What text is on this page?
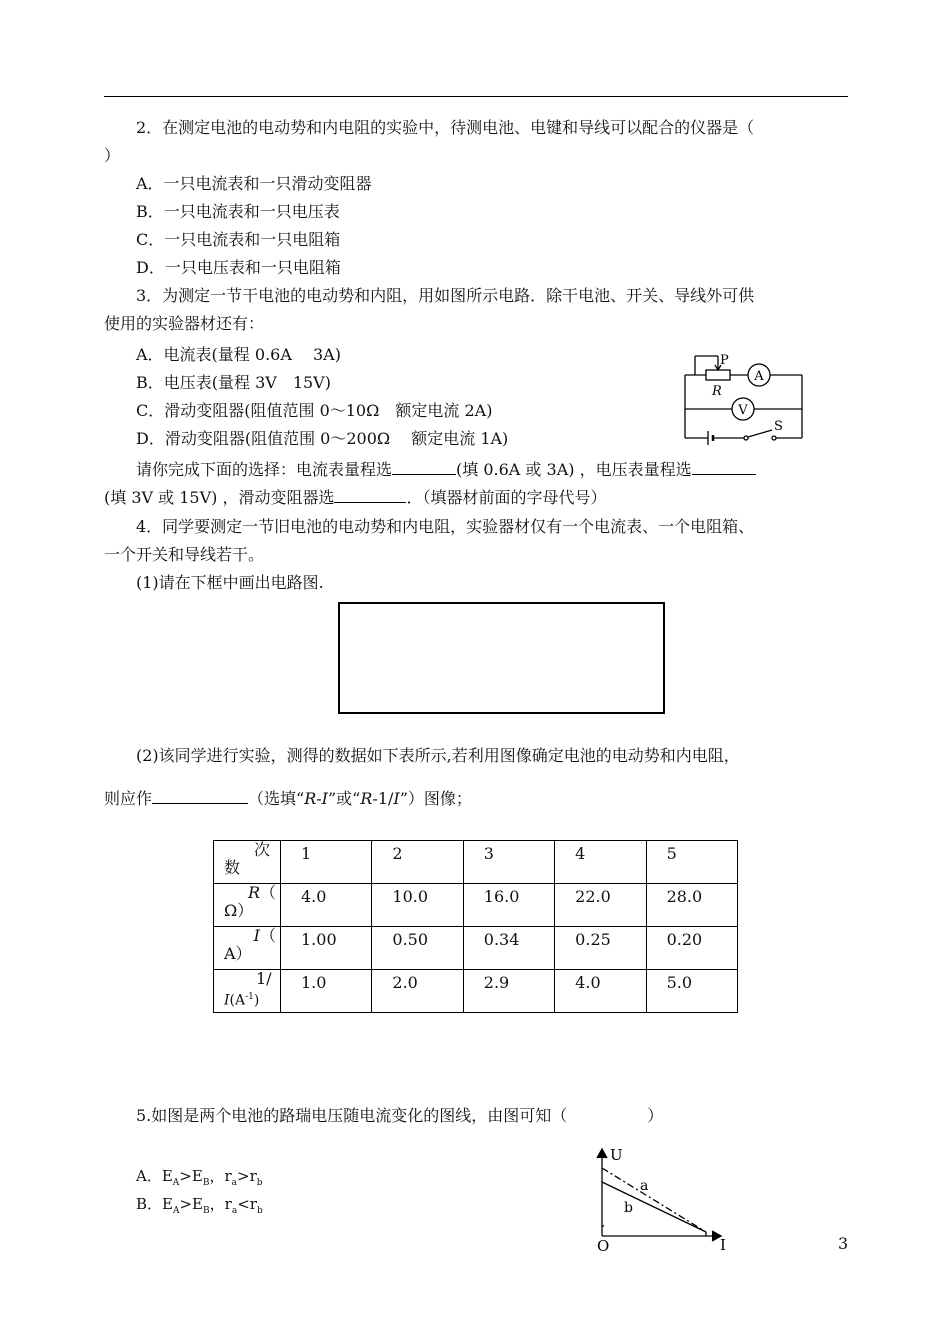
2．在测定电池的电动势和内电阻的实验中，待测电池、电键和导线可以配合的仪器是（
）
A．一只电流表和一只滑动变阻器
B．一只电流表和一只电压表
C．一只电流表和一只电阻箱
D．一只电压表和一只电阻箱
3．为测定一节干电池的电动势和内阻，用如图所示电路．除干电池、开关、导线外可供
使用的实验器材还有：
A．电流表(量程 0.6A　 3A)
B．电压表(量程 3V　15V)
C．滑动变阻器(阻值范围 0～10Ω　额定电流 2A)
D．滑动变阻器(阻值范围 0～200Ω　 额定电流 1A)
P
A
R
V
S
请你完成下面的选择：电流表量程选	(填 0.6A 或 3A) ，电压表量程选
(填 3V 或 15V) ，滑动变阻器选	．（填器材前面的字母代号）
4．同学要测定一节旧电池的电动势和内电阻，实验器材仅有一个电流表、一个电阻箱、
一个开关和导线若干。
(1)请在下框中画出电路图.
(2)该同学进行实验，测得的数据如下表所示,若利用图像确定电池的电动势和内电阻，
则应作	（选填“R-I”或“R-1/I”）图像；
次
数	1	2	3	4	5

R（
Ω）	4.0	10.0	16.0	22.0	28.0

I（
A）	1.00	0.50	0.34	0.25	0.20

1/
$I(A^{-1})$	1.0	2.0	2.9	4.0	5.0
5.如图是两个电池的路瑞电压随电流变化的图线，由图可知（	）
A．$E_A>E_B$，$r_a>r_b$
B．$E_A>E_B$，$r_a<r_b$
U
a
b
O	I	3
